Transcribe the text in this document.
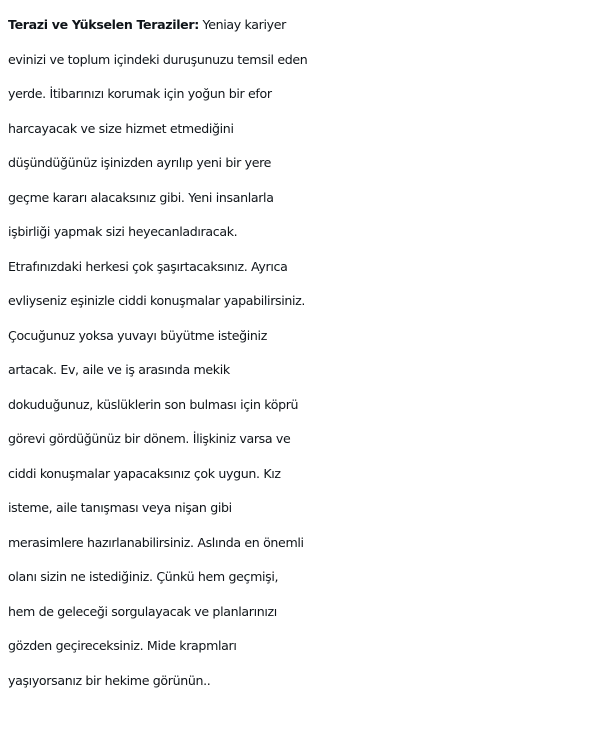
Terazi ve Yükselen Teraziler: Yeniay kariyer
evinizi ve toplum içindeki duruşunuzu temsil eden
yerde. İtibarınızı korumak için yoğun bir efor
harcayacak ve size hizmet etmediğini
düşündüğünüz işinizden ayrılıp yeni bir yere
geçme kararı alacaksınız gibi. Yeni insanlarla
işbirliği yapmak sizi heyecanladıracak.
Etrafınızdaki herkesi çok şaşırtacaksınız. Ayrıca
evliyseniz eşinizle ciddi konuşmalar yapabilirsiniz.
Çocuğunuz yoksa yuvayı büyütme isteğiniz
artacak. Ev, aile ve iş arasında mekik
dokuduğunuz, küslüklerin son bulması için köprü
görevi gördüğünüz bir dönem. İlişkiniz varsa ve
ciddi konuşmalar yapacaksınız çok uygun. Kız
isteme, aile tanışması veya nişan gibi
merasimlere hazırlanabilirsiniz. Aslında en önemli
olanı sizin ne istediğiniz. Çünkü hem geçmişi,
hem de geleceği sorgulayacak ve planlarınızı
gözden geçireceksiniz. Mide krapmları
yaşıyorsanız bir hekime görünün..
